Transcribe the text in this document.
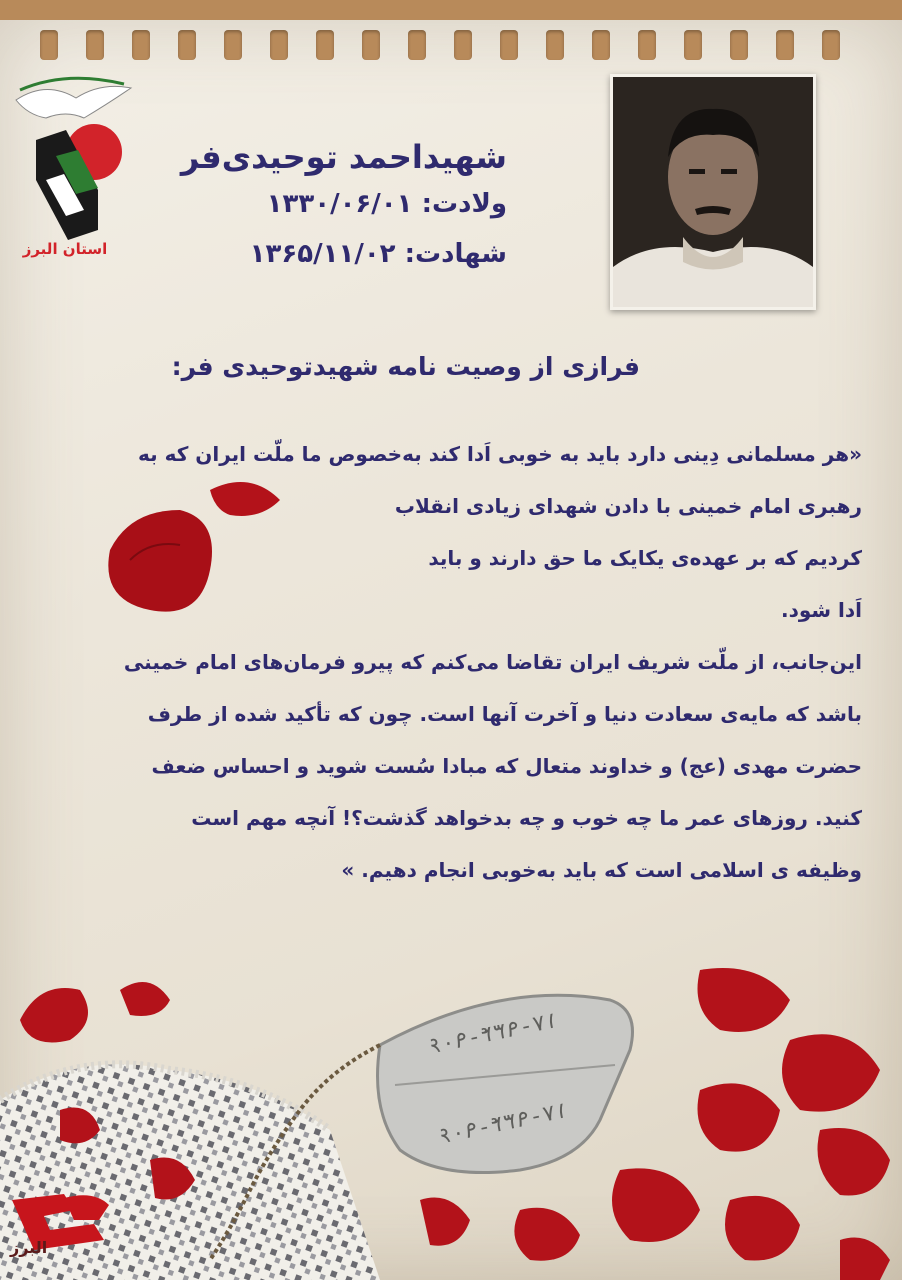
استان البرز
شهیداحمد توحیدی‌فر
ولادت: ۱۳۳۰/۰۶/۰۱
شهادت: ۱۳۶۵/۱۱/۰۲
فرازی از وصیت نامه شهیدتوحیدی فر:
«هر مسلمانی دِینی دارد باید به خوبی اَدا کند به‌خصوص ما ملّت ایران که به
رهبری امام خمینی با دادن شهدای زیادی انقلاب
کردیم که بر عهده‌ی یکایک ما حق دارند و باید
اَدا شود.
این‌جانب، از ملّت شریف ایران تقاضا می‌کنم که پیرو فرمان‌های امام خمینی
باشد که مایه‌ی سعادت دنیا و آخرت آنها است. چون که تأکید شده از طرف
حضرت مهدی (عج) و خداوند متعال که مبادا سُست شوید و احساس ضعف
کنید. روزهای عمر ما چه خوب و چه بدخواهد گذشت؟! آنچه مهم است
وظیفه ی اسلامی است که باید به‌خوبی انجام دهیم. »
۱۷-۹۳۴-۹۰۶
۱۷-۹۳۴-۹۰۶
البرز
